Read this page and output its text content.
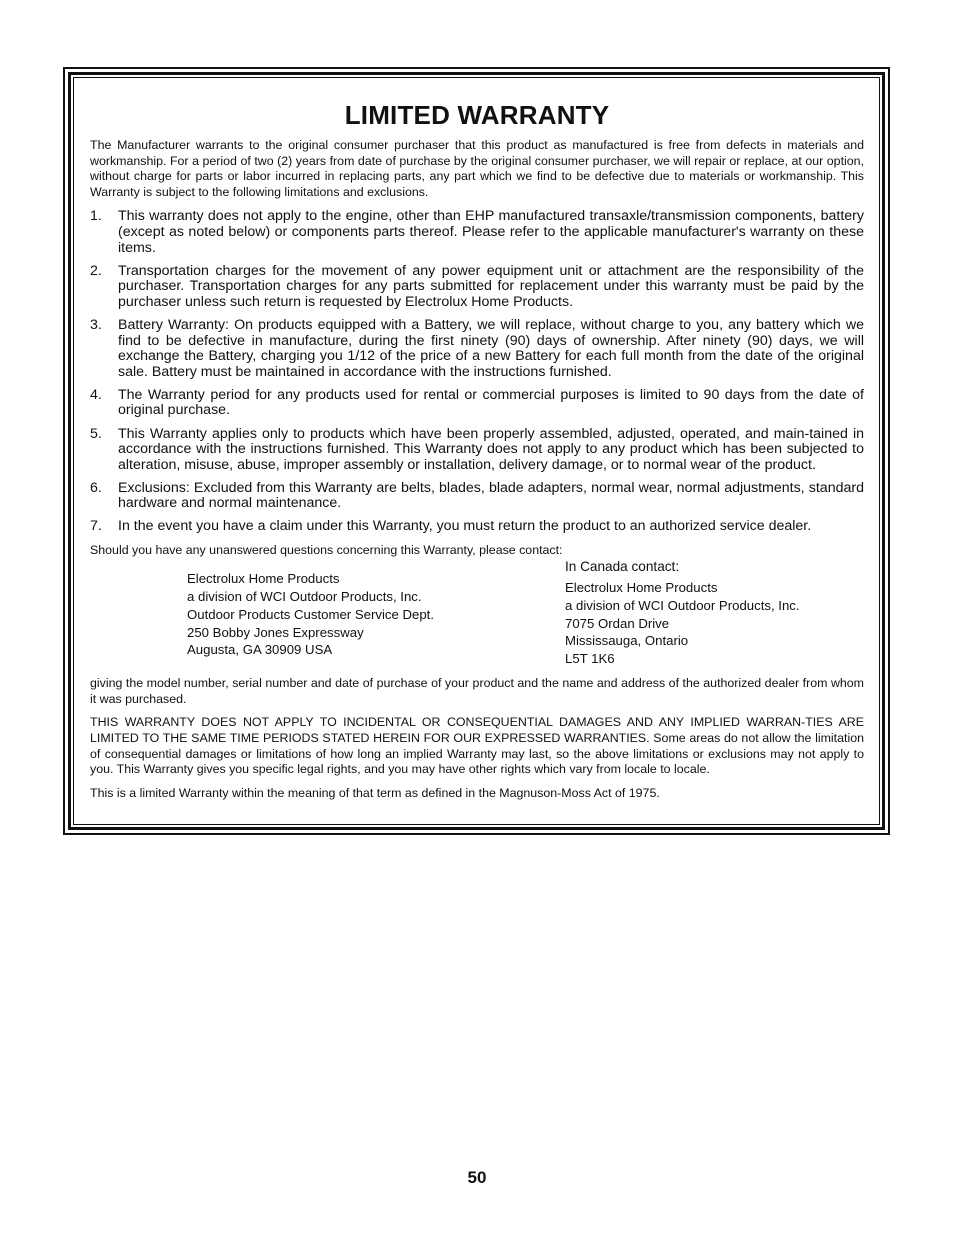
LIMITED WARRANTY

The Manufacturer warrants to the original consumer purchaser that this product as manufactured is free from defects in materials and workmanship. For a period of two (2) years from date of purchase by the original consumer purchaser, we will repair or replace, at our option, without charge for parts or labor incurred in replacing parts, any part which we find to be defective due to materials or workmanship. This Warranty is subject to the following limitations and exclusions.

1.	This warranty does not apply to the engine, other than EHP manufactured transaxle/transmission components, battery (except as noted below) or components parts thereof. Please refer to the applicable manufacturer's warranty on these items.
2.	Transportation charges for the movement of any power equipment unit or attachment are the responsibility of the purchaser. Transportation charges for any parts submitted for replacement under this warranty must be paid by the purchaser unless such return is requested by Electrolux Home Products.
3.	Battery Warranty: On products equipped with a Battery, we will replace, without charge to you, any battery which we find to be defective in manufacture, during the first ninety (90) days of ownership. After ninety (90) days, we will exchange the Battery, charging you 1/12 of the price of a new Battery for each full month from the date of the original sale. Battery must be maintained in accordance with the instructions furnished.
4.	The Warranty period for any products used for rental or commercial purposes is limited to 90 days from the date of original purchase.
5.	This Warranty applies only to products which have been properly assembled, adjusted, operated, and main-tained in accordance with the instructions furnished. This Warranty does not apply to any product which has been subjected to alteration, misuse, abuse, improper assembly or installation, delivery damage, or to normal wear of the product.
6.	Exclusions: Excluded from this Warranty are belts, blades, blade adapters, normal wear, normal adjustments, standard hardware and normal maintenance.
7.	In the event you have a claim under this Warranty, you must return the product to an authorized service dealer.

Should you have any unanswered questions concerning this Warranty, please contact:

Electrolux Home Products
a division of WCI Outdoor Products, Inc.
Outdoor Products Customer Service Dept.
250 Bobby Jones Expressway
Augusta, GA 30909 USA
In Canada contact:
Electrolux Home Products
a division of WCI Outdoor Products, Inc.
7075 Ordan Drive
Mississauga, Ontario
L5T 1K6

giving the model number, serial number and date of purchase of your product and the name and address of the authorized dealer from whom it was purchased.

THIS WARRANTY DOES NOT APPLY TO INCIDENTAL OR CONSEQUENTIAL DAMAGES AND ANY IMPLIED WARRAN-TIES ARE LIMITED TO THE SAME TIME PERIODS STATED HEREIN FOR OUR EXPRESSED WARRANTIES. Some areas do not allow the limitation of consequential damages or limitations of how long an implied Warranty may last, so the above limitations or exclusions may not apply to you. This Warranty gives you specific legal rights, and you may have other rights which vary from locale to locale.

This is a limited Warranty within the meaning of that term as defined in the Magnuson-Moss Act of 1975.

50
